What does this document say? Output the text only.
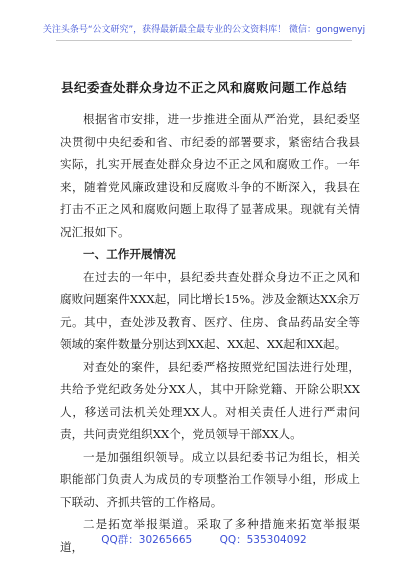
关注头条号“公文研究”，获得最新最全最专业的公文资料库！ 微信：gongwenyj
县纪委查处群众身边不正之风和腐败问题工作总结

根据省市安排，进一步推进全面从严治党，县纪委坚决贯彻中央纪委和省、市纪委的部署要求，紧密结合我县实际，扎实开展查处群众身边不正之风和腐败工作。一年来，随着党风廉政建设和反腐败斗争的不断深入，我县在打击不正之风和腐败问题上取得了显著成果。现就有关情况汇报如下。

一、工作开展情况

在过去的一年中，县纪委共查处群众身边不正之风和腐败问题案件XXX起，同比增长15%。涉及金额达XX余万元。其中，查处涉及教育、医疗、住房、食品药品安全等领域的案件数量分别达到XX起、XX起、XX起和XX起。

对查处的案件，县纪委严格按照党纪国法进行处理，共给予党纪政务处分XX人，其中开除党籍、开除公职XX人，移送司法机关处理XX人。对相关责任人进行严肃问责，共问责党组织XX个，党员领导干部XX人。

一是加强组织领导。成立以县纪委书记为组长，相关职能部门负责人为成员的专项整治工作领导小组，形成上下联动、齐抓共管的工作格局。

二是拓宽举报渠道。采取了多种措施来拓宽举报渠道，	QQ群：30265665	QQ：535304092
